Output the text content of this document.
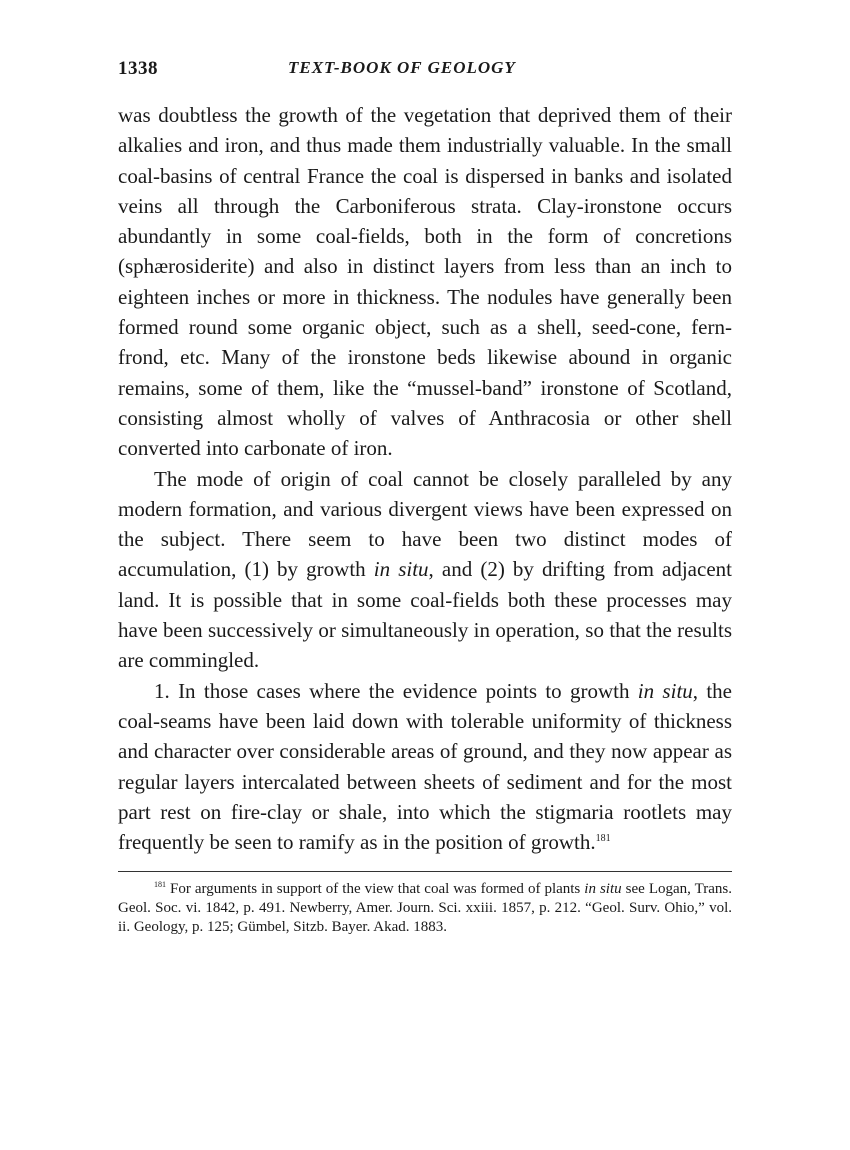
1338	TEXT-BOOK OF GEOLOGY

was doubtless the growth of the vegetation that deprived them of their alkalies and iron, and thus made them industrially valuable. In the small coal-basins of central France the coal is dispersed in banks and isolated veins all through the Carboniferous strata. Clay-ironstone occurs abundantly in some coal-fields, both in the form of concretions (sphærosiderite) and also in distinct layers from less than an inch to eighteen inches or more in thickness. The nodules have generally been formed round some organic object, such as a shell, seed-cone, fern-frond, etc. Many of the ironstone beds likewise abound in organic remains, some of them, like the “mussel-band” ironstone of Scotland, consisting almost wholly of valves of Anthracosia or other shell converted into carbonate of iron.

The mode of origin of coal cannot be closely paralleled by any modern formation, and various divergent views have been expressed on the subject. There seem to have been two distinct modes of accumulation, (1) by growth in situ, and (2) by drifting from adjacent land. It is possible that in some coal-fields both these processes may have been successively or simultaneously in operation, so that the results are commingled.

1. In those cases where the evidence points to growth in situ, the coal-seams have been laid down with tolerable uniformity of thickness and character over considerable areas of ground, and they now appear as regular layers intercalated between sheets of sediment and for the most part rest on fire-clay or shale, into which the stigmaria rootlets may frequently be seen to ramify as in the position of growth.$^{181}$

$^{181}$ For arguments in support of the view that coal was formed of plants in situ see Logan, Trans. Geol. Soc. vi. 1842, p. 491. Newberry, Amer. Journ. Sci. xxiii. 1857, p. 212. “Geol. Surv. Ohio,” vol. ii. Geology, p. 125; Gümbel, Sitzb. Bayer. Akad. 1883.
